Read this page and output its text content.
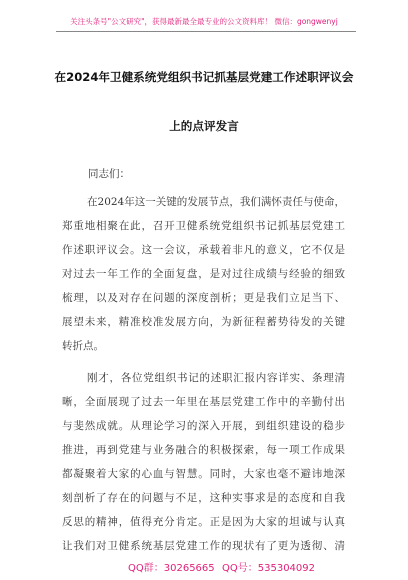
关注头条号"公文研究"，获得最新最全最专业的公文资料库！ 微信：gongwenyj
在2024年卫健系统党组织书记抓基层党建工作述职评议会
上的点评发言
同志们：
在2024年这一关键的发展节点，我们满怀责任与使命，
郑重地相聚在此，召开卫健系统党组织书记抓基层党建工
作述职评议会。这一会议，承载着非凡的意义，它不仅是
对过去一年工作的全面复盘，是对过往成绩与经验的细致
梳理，以及对存在问题的深度剖析；更是我们立足当下、
展望未来，精准校准发展方向，为新征程蓄势待发的关键
转折点。
刚才，各位党组织书记的述职汇报内容详实、条理清
晰，全面展现了过去一年里在基层党建工作中的辛勤付出
与斐然成就。从理论学习的深入开展，到组织建设的稳步
推进，再到党建与业务融合的积极探索，每一项工作成果
都凝聚着大家的心血与智慧。同时，大家也毫不避讳地深
刻剖析了存在的问题与不足，这种实事求是的态度和自我
反思的精神，值得充分肯定。正是因为大家的坦诚与认真
让我们对卫健系统基层党建工作的现状有了更为透彻、清
QQ群：30265665 QQ号：535304092
